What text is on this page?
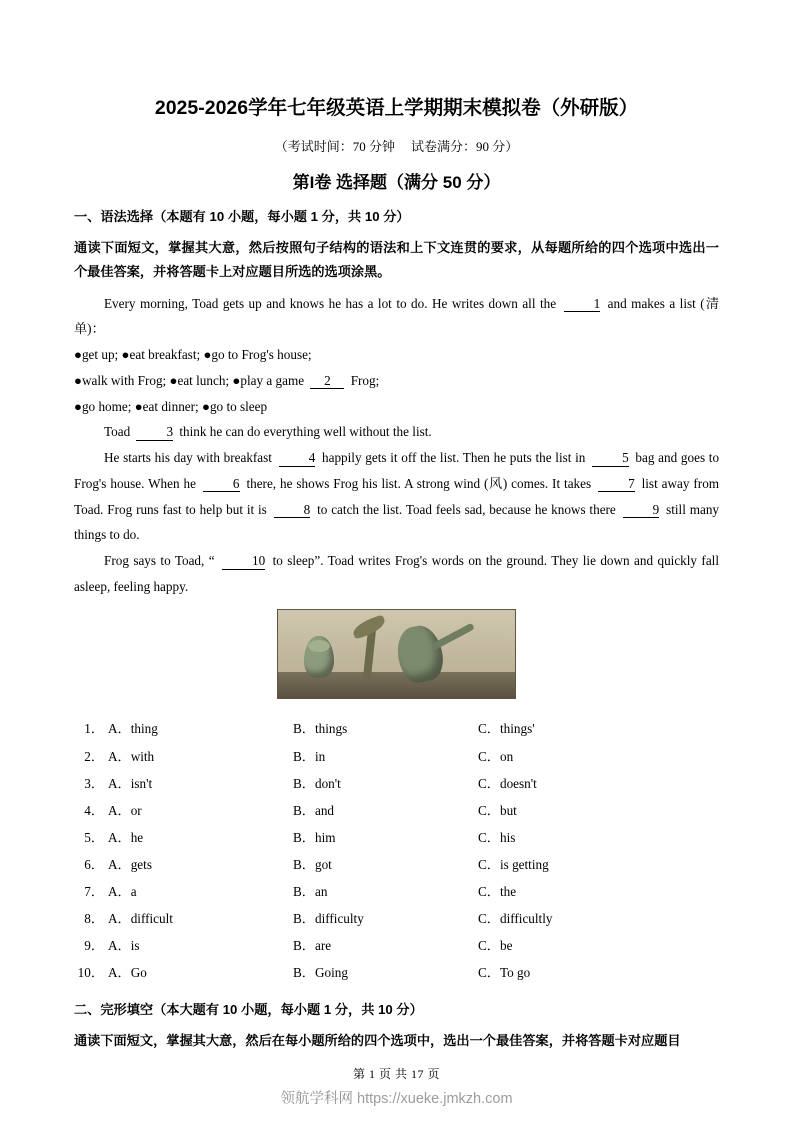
2025-2026学年七年级英语上学期期末模拟卷（外研版）
（考试时间：70 分钟 试卷满分：90 分）
第I卷 选择题（满分 50 分）
一、语法选择（本题有 10 小题，每小题 1 分，共 10 分）
通读下面短文，掌握其大意，然后按照句子结构的语法和上下文连贯的要求，从每题所给的四个选项中选出一个最佳答案，并将答题卡上对应题目所选的选项涂黑。

Every morning, Toad gets up and knows he has a lot to do. He writes down all the	1 and makes a list (清单)：

●get up; ●eat breakfast; ●go to Frog's house;

●walk with Frog; ●eat lunch; ●play a game 2 Frog;

●go home; ●eat dinner; ●go to sleep

Toad	3 think he can do everything well without the list.

He starts his day with breakfast	4 happily gets it off the list. Then he puts the list in	5 bag and goes to Frog's house. When he	6 there, he shows Frog his list. A strong wind (风) comes. It takes	7 list away from Toad. Frog runs fast to help but it is	8 to catch the list. Toad feels sad, because he knows there	9 still many things to do.

Frog says to Toad, “	10 to sleep”. Toad writes Frog's words on the ground. They lie down and quickly fall asleep, feeling happy.

1． A．thing	B．things	C．things'
2． A．with	B．in	C．on
3． A．isn't	B．don't	C．doesn't
4． A．or	B．and	C．but
5． A．he	B．him	C．his
6． A．gets	B．got	C．is getting
7． A．a	B．an	C．the
8． A．difficult	B．difficulty	C．difficultly
9． A．is	B．are	C．be
10． A．Go	B．Going	C．To go
二、完形填空（本大题有 10 小题，每小题 1 分，共 10 分）
通读下面短文，掌握其大意，然后在每小题所给的四个选项中，选出一个最佳答案，并将答题卡对应题目
第 1 页 共 17 页
领航学科网 https://xueke.jmkzh.com
